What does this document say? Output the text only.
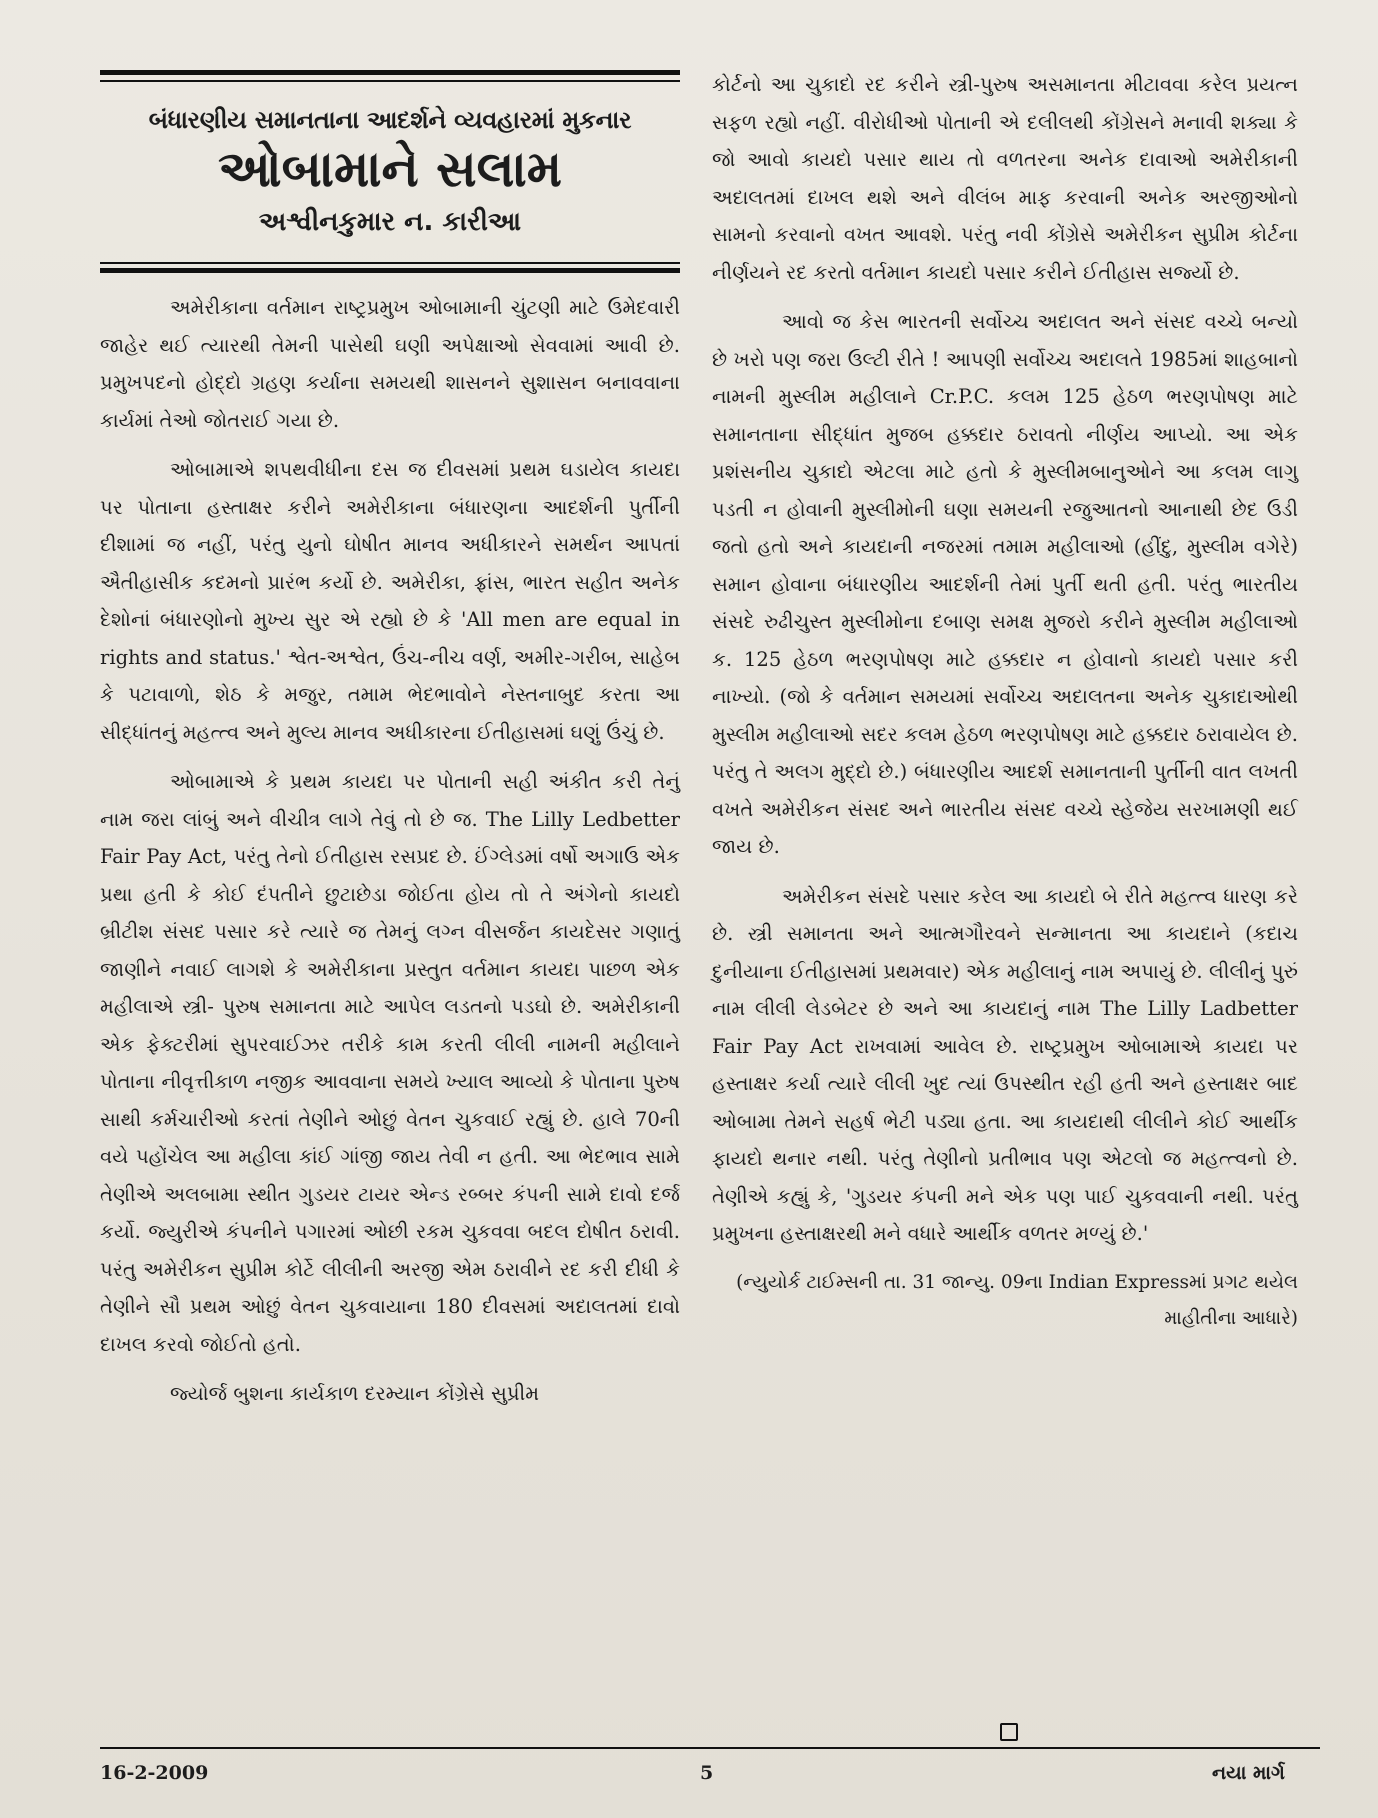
બંધારણીય સમાનતાના આદર્શને વ્યવહારમાં મુકનાર
ઓબામાને સલામ
અશ્વીનકુમાર ન. કારીઆ

અમેરીકાના વર્તમાન રાષ્ટ્રપ્રમુખ ઓબામાની ચુંટણી માટે ઉમેદવારી જાહેર થઈ ત્યારથી તેમની પાસેથી ઘણી અપેક્ષાઓ સેવવામાં આવી છે. પ્રમુખપદનો હોદ્દો ગ્રહણ કર્યાના સમયથી શાસનને સુશાસન બનાવવાના કાર્યમાં તેઓ જોતરાઈ ગયા છે.

ઓબામાએ શપથવીધીના દસ જ દીવસમાં પ્રથમ ઘડાયેલ કાયદા પર પોતાના હસ્તાક્ષર કરીને અમેરીકાના બંધારણના આદર્શની પુર્તીની દીશામાં જ નહીં, પરંતુ યુનો ઘોષીત માનવ અધીકારને સમર્થન આપતાં ઐતીહાસીક કદમનો પ્રારંભ કર્યો છે. અમેરીકા, ફ્રાંસ, ભારત સહીત અનેક દેશોનાં બંધારણોનો મુખ્ય સુર એ રહ્યો છે કે 'All men are equal in rights and status.' શ્વેત-અશ્વેત, ઉંચ-નીચ વર્ણ, અમીર-ગરીબ, સાહેબ કે પટાવાળો, શેઠ કે મજુર, તમામ ભેદભાવોને નેસ્તનાબુદ કરતા આ સીદ્ધાંતનું મહત્ત્વ અને મુલ્ય માનવ અધીકારના ઈતીહાસમાં ઘણું ઉંચું છે.

ઓબામાએ કે પ્રથમ કાયદા પર પોતાની સહી અંકીત કરી તેનું નામ જરા લાંબું અને વીચીત્ર લાગે તેવું તો છે જ. The Lilly Ledbetter Fair Pay Act, પરંતુ તેનો ઈતીહાસ રસપ્રદ છે. ઈંગ્લેડમાં વર્ષો અગાઉ એક પ્રથા હતી કે કોઈ દંપતીને છુટાછેડા જોઈતા હોય તો તે અંગેનો કાયદો બ્રીટીશ સંસદ પસાર કરે ત્યારે જ તેમનું લગ્ન વીસર્જન કાયદેસર ગણાતું જાણીને નવાઈ લાગશે કે અમેરીકાના પ્રસ્તુત વર્તમાન કાયદા પાછળ એક મહીલાએ સ્ત્રી- પુરુષ સમાનતા માટે આપેલ લડતનો પડઘો છે. અમેરીકાની એક ફેક્ટરીમાં સુપરવાઈઝર તરીકે કામ કરતી લીલી નામની મહીલાને પોતાના નીવૃત્તીકાળ નજીક આવવાના સમયે ખ્યાલ આવ્યો કે પોતાના પુરુષ સાથી કર્મચારીઓ કરતાં તેણીને ઓછું વેતન ચુકવાઈ રહ્યું છે. હાલે 70ની વયે પહોંચેલ આ મહીલા કાંઈ ગાંજી જાય તેવી ન હતી. આ ભેદભાવ સામે તેણીએ અલબામા સ્થીત ગુડયર ટાયર એન્ડ રબ્બર કંપની સામે દાવો દર્જ કર્યો. જ્યુરીએ કંપનીને પગારમાં ઓછી રકમ ચુકવવા બદલ દોષીત ઠરાવી. પરંતુ અમેરીકન સુપ્રીમ કોર્ટે લીલીની અરજી એમ ઠરાવીને રદ કરી દીધી કે તેણીને સૌ પ્રથમ ઓછું વેતન ચુકવાયાના 180 દીવસમાં અદાલતમાં દાવો દાખલ કરવો જોઈતો હતો.

જ્યોર્જ બુશના કાર્યકાળ દરમ્યાન કોંગ્રેસે સુપ્રીમ

કોર્ટનો આ ચુકાદો રદ કરીને સ્ત્રી-પુરુષ અસમાનતા મીટાવવા કરેલ પ્રયત્ન સફળ રહ્યો નહીં. વીરોધીઓ પોતાની એ દલીલથી કોંગ્રેસને મનાવી શક્યા કે જો આવો કાયદો પસાર થાય તો વળતરના અનેક દાવાઓ અમેરીકાની અદાલતમાં દાખલ થશે અને વીલંબ માફ કરવાની અનેક અરજીઓનો સામનો કરવાનો વખત આવશે. પરંતુ નવી કોંગ્રેસે અમેરીકન સુપ્રીમ કોર્ટના નીર્ણયને રદ કરતો વર્તમાન કાયદો પસાર કરીને ઈતીહાસ સર્જ્યો છે.

આવો જ કેસ ભારતની સર્વોચ્ચ અદાલત અને સંસદ વચ્ચે બન્યો છે ખરો પણ જરા ઉલ્ટી રીતે ! આપણી સર્વોચ્ચ અદાલતે 1985માં શાહબાનો નામની મુસ્લીમ મહીલાને Cr.P.C. કલમ 125 હેઠળ ભરણપોષણ માટે સમાનતાના સીદ્ધાંત મુજબ હક્કદાર ઠરાવતો નીર્ણય આપ્યો. આ એક પ્રશંસનીય ચુકાદો એટલા માટે હતો કે મુસ્લીમબાનુઓને આ કલમ લાગુ પડતી ન હોવાની મુસ્લીમોની ઘણા સમયની રજુઆતનો આનાથી છેદ ઉડી જતો હતો અને કાયદાની નજરમાં તમામ મહીલાઓ (હીંદુ, મુસ્લીમ વગેરે) સમાન હોવાના બંધારણીય આદર્શની તેમાં પુર્તી થતી હતી. પરંતુ ભારતીય સંસદે રુઢીચુસ્ત મુસ્લીમોના દબાણ સમક્ષ મુજરો કરીને મુસ્લીમ મહીલાઓ ક. 125 હેઠળ ભરણપોષણ માટે હક્કદાર ન હોવાનો કાયદો પસાર કરી નાખ્યો. (જો કે વર્તમાન સમયમાં સર્વોચ્ચ અદાલતના અનેક ચુકાદાઓથી મુસ્લીમ મહીલાઓ સદર કલમ હેઠળ ભરણપોષણ માટે હક્કદાર ઠરાવાયેલ છે. પરંતુ તે અલગ મુદ્દો છે.) બંધારણીય આદર્શ સમાનતાની પુર્તીની વાત લખતી વખતે અમેરીકન સંસદ અને ભારતીય સંસદ વચ્ચે સ્હેજેય સરખામણી થઈ જાય છે.

અમેરીકન સંસદે પસાર કરેલ આ કાયદો બે રીતે મહત્ત્વ ધારણ કરે છે. સ્ત્રી સમાનતા અને આત્મગૌરવને સન્માનતા આ કાયદાને (કદાચ દુનીયાના ઈતીહાસમાં પ્રથમવાર) એક મહીલાનું નામ અપાયું છે. લીલીનું પુરું નામ લીલી લેડબેટર છે અને આ કાયદાનું નામ The Lilly Ladbetter Fair Pay Act રાખવામાં આવેલ છે. રાષ્ટ્રપ્રમુખ ઓબામાએ કાયદા પર હસ્તાક્ષર કર્યા ત્યારે લીલી ખુદ ત્યાં ઉપસ્થીત રહી હતી અને હસ્તાક્ષર બાદ ઓબામા તેમને સહર્ષ ભેટી પડ્યા હતા. આ કાયદાથી લીલીને કોઈ આર્થીક ફાયદો થનાર નથી. પરંતુ તેણીનો પ્રતીભાવ પણ એટલો જ મહત્ત્વનો છે. તેણીએ કહ્યું કે, 'ગુડયર કંપની મને એક પણ પાઈ ચુકવવાની નથી. પરંતુ પ્રમુખના હસ્તાક્ષરથી મને વધારે આર્થીક વળતર મળ્યું છે.'

(ન્યુયોર્ક ટાઈમ્સની તા. 31 જાન્યુ. 09ના Indian Expressમાં પ્રગટ થયેલ માહીતીના આધારે)

16-2-2009	5	નયા માર્ગ
